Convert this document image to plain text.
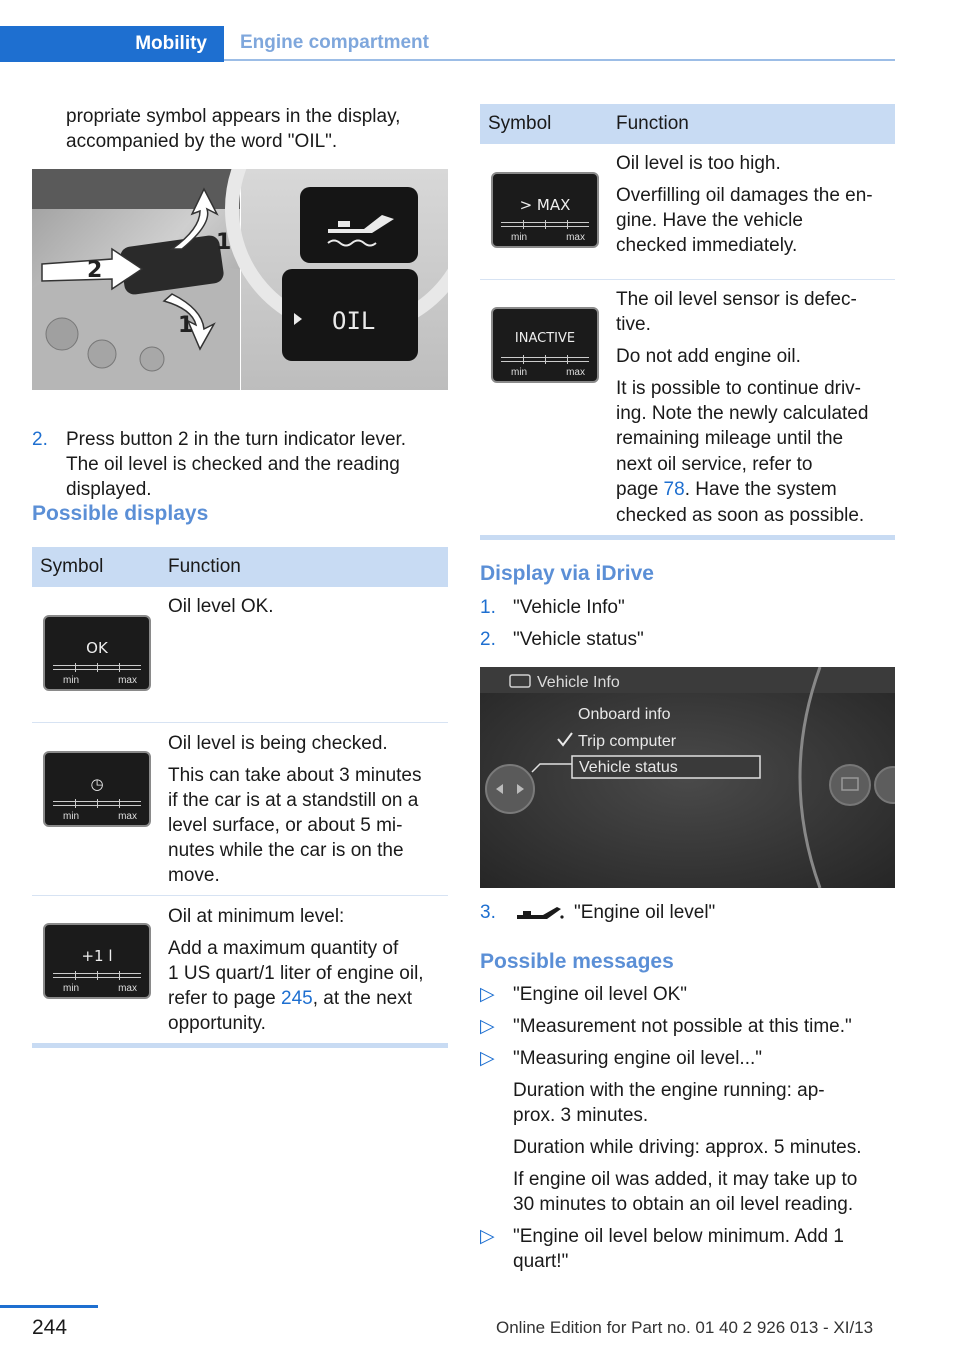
Mobility Engine compartment
propriate symbol appears in the display,
accompanied by the word "OIL".
2
1
1	OIL
2. Press button 2 in the turn indicator lever.
The oil level is checked and the reading
displayed.
Possible displays
Symbol	Function
OK
min	max
Oil level OK.
◷
min	max
Oil level is being checked.
This can take about 3 minutes
if the car is at a standstill on a
level surface, or about 5 mi-
nutes while the car is on the
move.
+1 l
min	max
Oil at minimum level:
Add a maximum quantity of
1 US quart/1 liter of engine oil,
refer to page 245, at the next
opportunity.
Symbol	Function
> MAX
min	max
Oil level is too high.
Overfilling oil damages the en-
gine. Have the vehicle
checked immediately.
INACTIVE
min	max
The oil level sensor is defec-
tive.
Do not add engine oil.
It is possible to continue driv-
ing. Note the newly calculated
remaining mileage until the
next oil service, refer to
page 78. Have the system
checked as soon as possible.
Display via iDrive
1. "Vehicle Info"
2. "Vehicle status"
Vehicle Info
Onboard info
Trip computer
Vehicle status
3.	"Engine oil level"
Possible messages
▷ "Engine oil level OK"
▷ "Measurement not possible at this time."
▷ "Measuring engine oil level..."
Duration with the engine running: ap-
prox. 3 minutes.
Duration while driving: approx. 5 minutes.
If engine oil was added, it may take up to
30 minutes to obtain an oil level reading.
▷ "Engine oil level below minimum. Add 1
quart!"
244	Online Edition for Part no. 01 40 2 926 013 - XI/13
